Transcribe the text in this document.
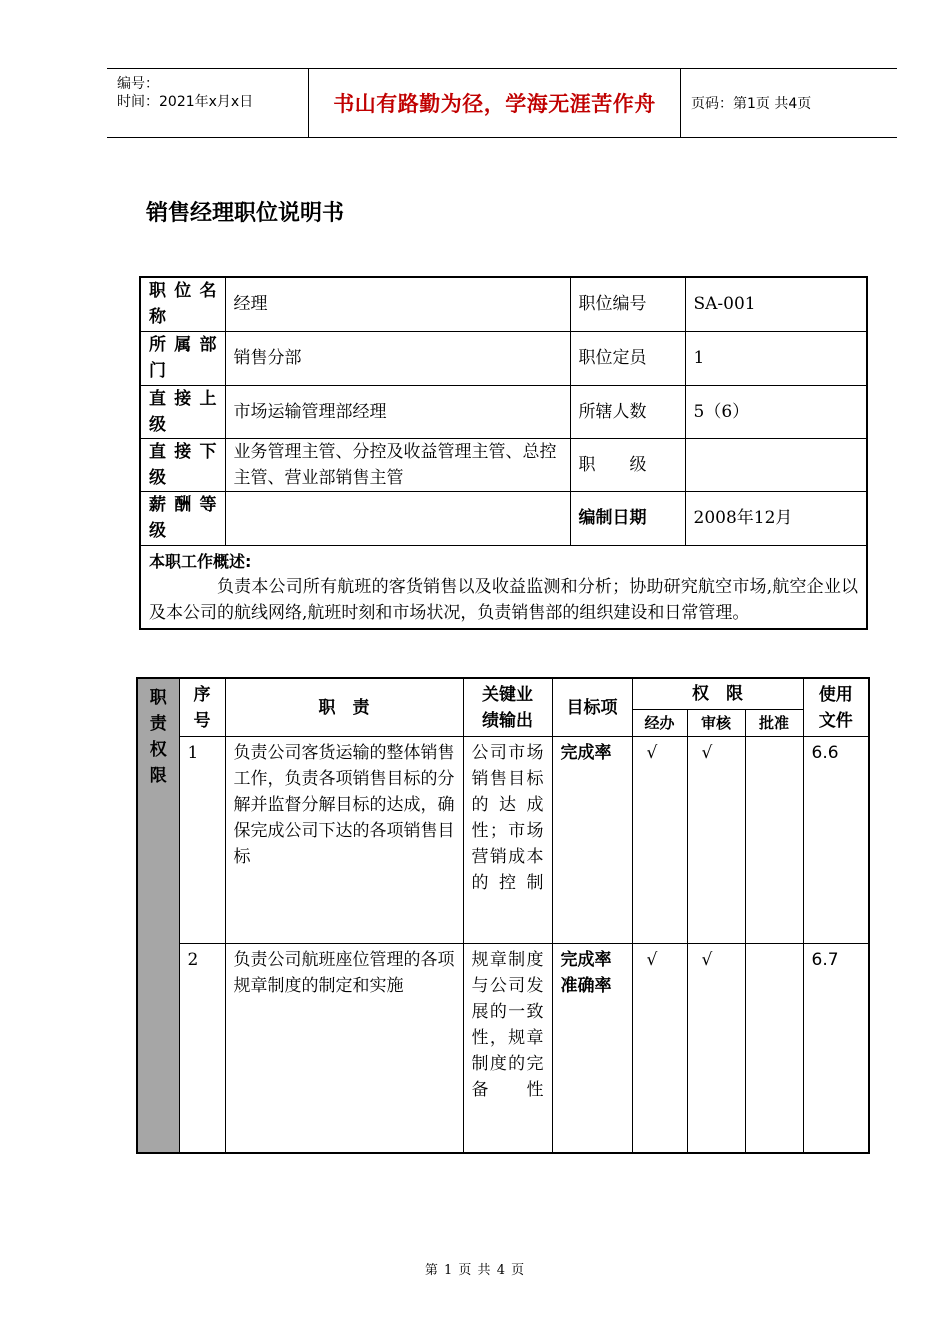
编号：
时间：2021年x月x日	书山有路勤为径，学海无涯苦作舟	页码：第1页 共4页
销售经理职位说明书
职位名称	经理	职位编号	SA-001
所属部门	销售分部	职位定员	1
直接上级	市场运输管理部经理	所辖人数	5（6）
直接下级	业务管理主管、分控及收益管理主管、总控主管、营业部销售主管	职　　级	
薪酬等级		编制日期	2008年12月

本职工作概述:
负责本公司所有航班的客货销售以及收益监测和分析；协助研究航空市场,航空企业以及本公司的航线网络,航班时刻和市场状况，负责销售部的组织建设和日常管理。			
职责权限	序号	职　责	关键业绩输出	目标项	权　限			使用文件
					经办	审核	批准	
	1	负责公司客货运输的整体销售工作，负责各项销售目标的分解并监督分解目标的达成，确保完成公司下达的各项销售目标	公司市场销售目标的达成性；市场营销成本的控制	完成率	√	√		6.6
	2	负责公司航班座位管理的各项规章制度的制定和实施	规章制度与公司发展的一致性，规章制度的完备性	完成率准确率	√	√		6.7
第 1 页 共 4 页
